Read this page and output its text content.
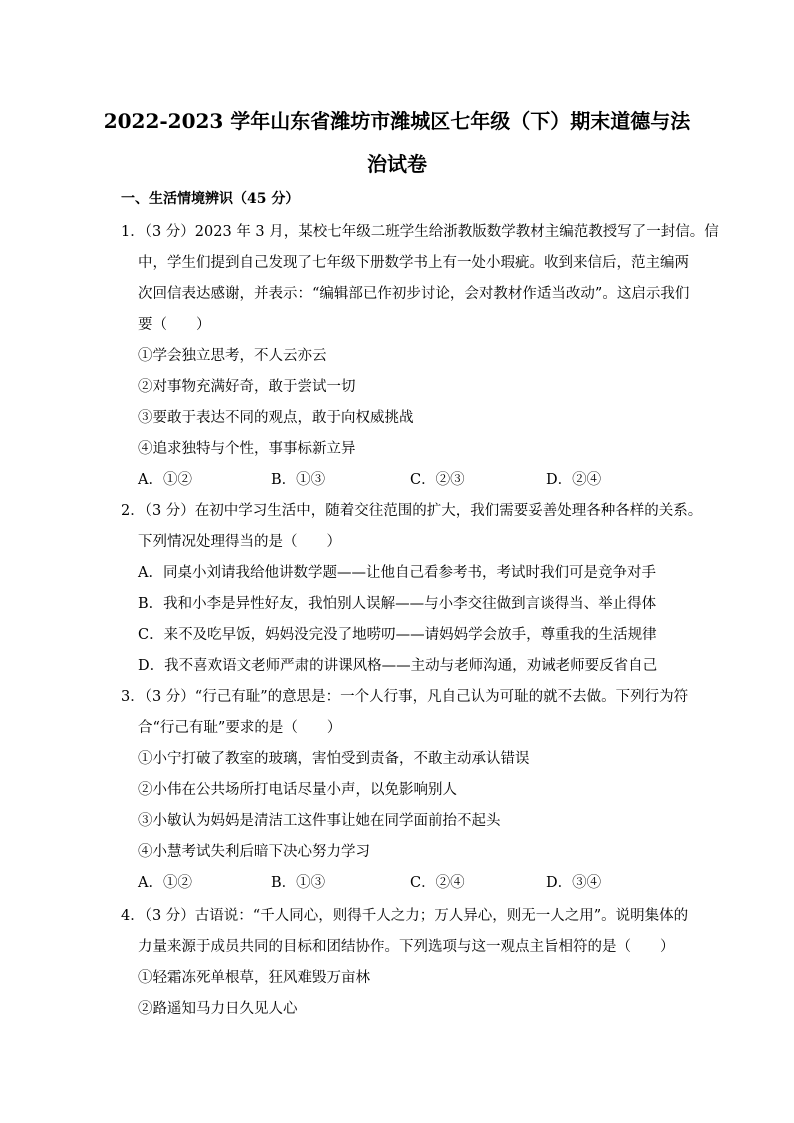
2022-2023 学年山东省潍坊市潍城区七年级（下）期末道德与法
治试卷
一、生活情境辨识（45 分）
1．（3 分）2023 年 3 月，某校七年级二班学生给浙教版数学教材主编范教授写了一封信。信
中，学生们提到自己发现了七年级下册数学书上有一处小瑕疵。收到来信后，范主编两
次回信表达感谢，并表示：“编辑部已作初步讨论，会对教材作适当改动”。这启示我们
要（　　）
①学会独立思考，不人云亦云
②对事物充满好奇，敢于尝试一切
③要敢于表达不同的观点，敢于向权威挑战
④追求独特与个性，事事标新立异
A．①②	B．①③	C．②③	D．②④
2．（3 分）在初中学习生活中，随着交往范围的扩大，我们需要妥善处理各种各样的关系。
下列情况处理得当的是（　　）
A．同桌小刘请我给他讲数学题——让他自己看参考书，考试时我们可是竞争对手
B．我和小李是异性好友，我怕别人误解——与小李交往做到言谈得当、举止得体
C．来不及吃早饭，妈妈没完没了地唠叨——请妈妈学会放手，尊重我的生活规律
D．我不喜欢语文老师严肃的讲课风格——主动与老师沟通，劝诫老师要反省自己
3．（3 分）“行己有耻”的意思是：一个人行事，凡自己认为可耻的就不去做。下列行为符
合“行己有耻”要求的是（　　）
①小宁打破了教室的玻璃，害怕受到责备，不敢主动承认错误
②小伟在公共场所打电话尽量小声，以免影响别人
③小敏认为妈妈是清洁工这件事让她在同学面前抬不起头
④小慧考试失利后暗下决心努力学习
A．①②	B．①③	C．②④	D．③④
4．（3 分）古语说：“千人同心，则得千人之力；万人异心，则无一人之用”。说明集体的
力量来源于成员共同的目标和团结协作。下列选项与这一观点主旨相符的是（　　）
①轻霜冻死单根草，狂风难毁万亩林
②路遥知马力日久见人心
